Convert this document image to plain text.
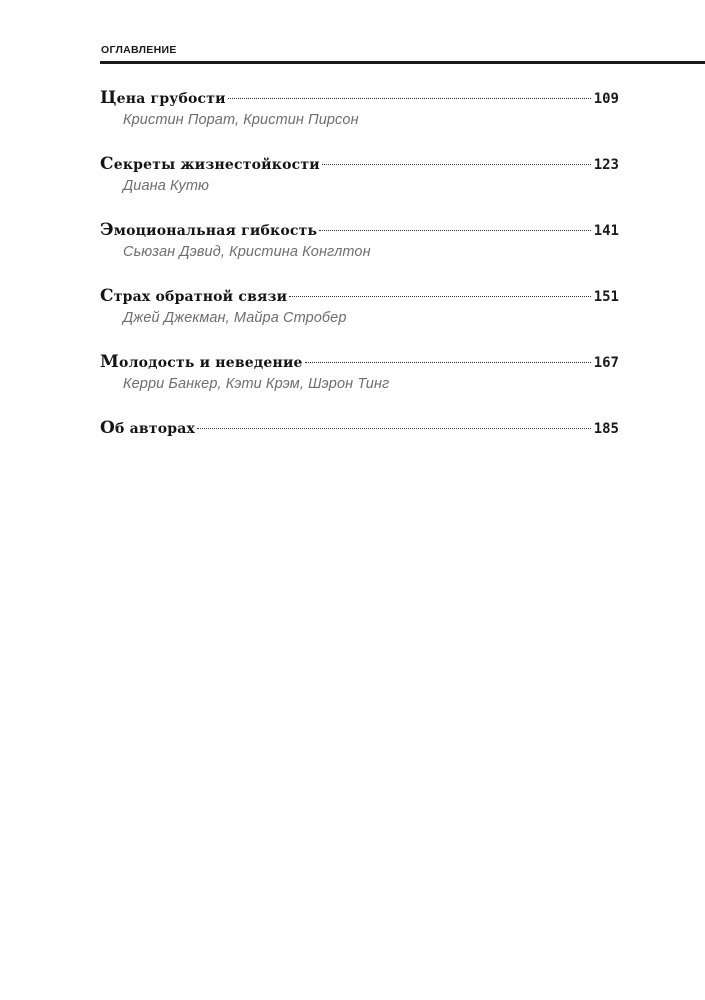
ОГЛАВЛЕНИЕ
Цена грубости	109
Кристин Порат, Кристин Пирсон
Секреты жизнестойкости	123
Диана Кутю
Эмоциональная гибкость	141
Сьюзан Дэвид, Кристина Конглтон
Страх обратной связи	151
Джей Джекман, Майра Стробер
Молодость и неведение	167
Керри Банкер, Кэти Крэм, Шэрон Тинг
Об авторах	185
